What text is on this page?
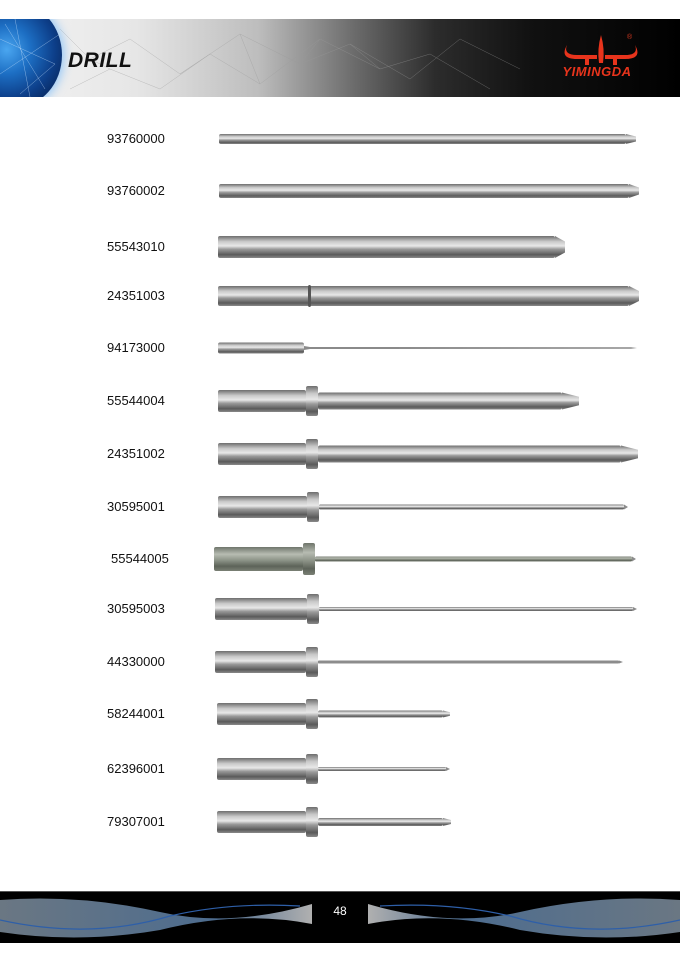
DRILL
®
YIMINGDA
93760000
93760002
55543010
24351003
94173000
55544004
24351002
30595001
55544005
30595003
44330000
58244001
62396001
79307001
48
